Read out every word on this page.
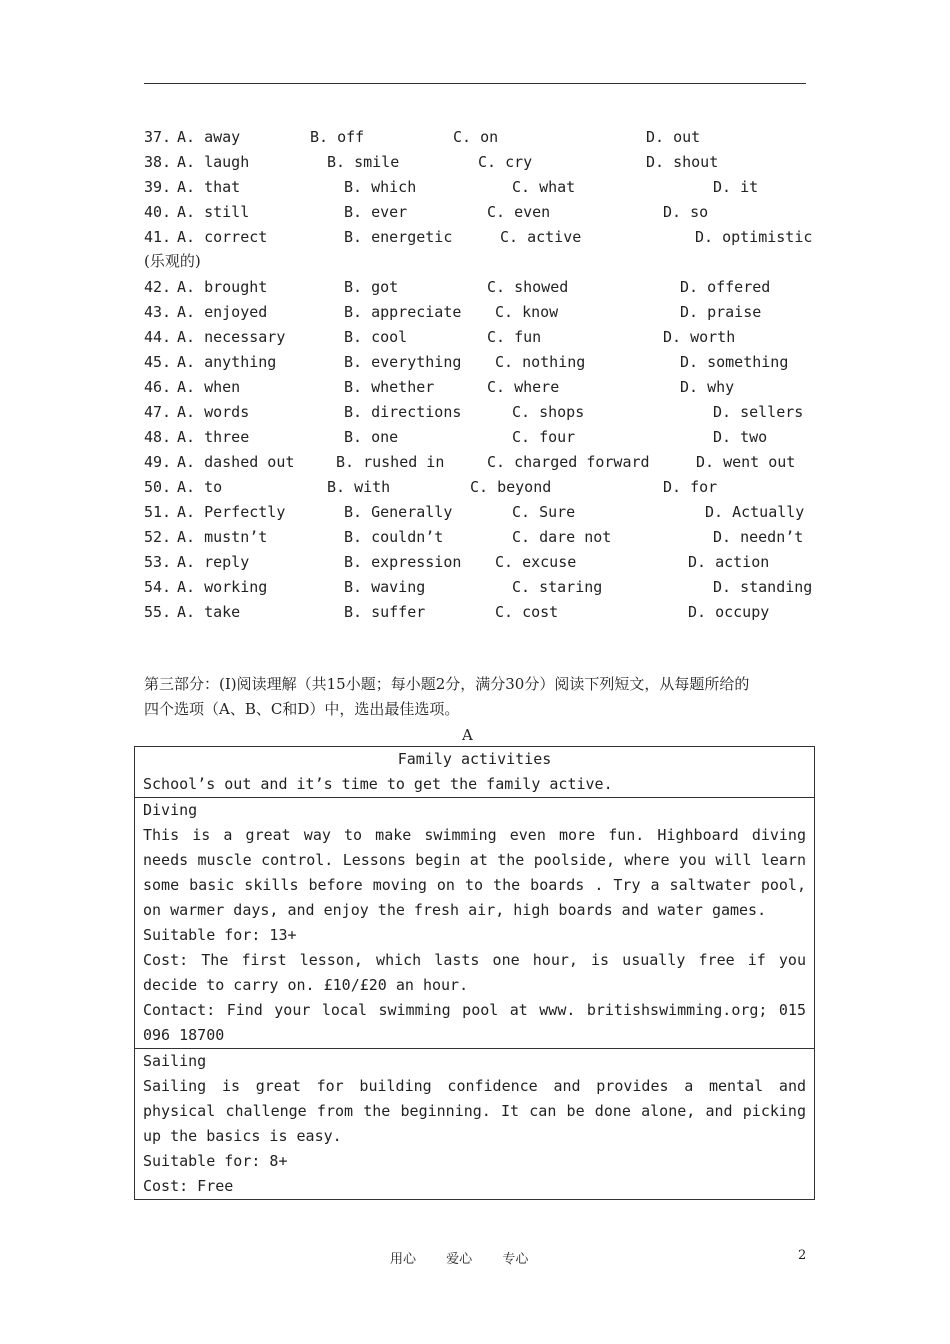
37. A. away	B. off	C. on	D. out
38. A. laugh	B. smile	C. cry	D. shout
39. A. that	B. which	C. what	D. it
40. A. still	B. ever	C. even	D. so
41. A. correct	B. energetic	C. active	D. optimistic
42. A. brought	B. got	C. showed	D. offered
43. A. enjoyed	B. appreciate C. know	D. praise
44. A. necessary	B. cool	C. fun	D. worth
45. A. anything	B. everything C. nothing	D. something
46. A. when	B. whether	C. where	D. why
47. A. words	B. directions	C. shops	D. sellers
48. A. three	B. one	C. four	D. two
49. A. dashed out	B. rushed in	C. charged forward	D. went out
50. A. to	B. with	C. beyond	D. for
51. A. Perfectly	B. Generally	C. Sure	D. Actually
52. A. mustn’t	B. couldn’t	C. dare not	D. needn’t
53. A. reply	B. expression C. excuse	D. action
54. A. working	B. waving	C. staring	D. standing
55. A. take	B. suffer	C. cost	D. occupy
(乐观的)

第三部分：(Ⅰ)阅读理解（共15小题；每小题2分，满分30分）阅读下列短文，从每题所给的

四个选项（A、B、C和D）中，选出最佳选项。

A

Family activities

School’s out and it’s time to get the family active.

Diving

This is a great way to make swimming even more fun. Highboard diving needs muscle control. Lessons begin at the poolside, where you will learn some basic skills before moving on to the boards . Try a saltwater pool, on warmer days, and enjoy the fresh air, high boards and water games.

Suitable for: 13+

Cost: The first lesson, which lasts one hour, is usually free if you decide to carry on. £10/£20 an hour.

Contact: Find your local swimming pool at www. britishswimming.org; 015 096 18700

Sailing

Sailing is great for building confidence and provides a mental and physical challenge from the beginning. It can be done alone, and picking up the basics is easy.

Suitable for: 8+

Cost: Free

用心 爱心 专心	2
